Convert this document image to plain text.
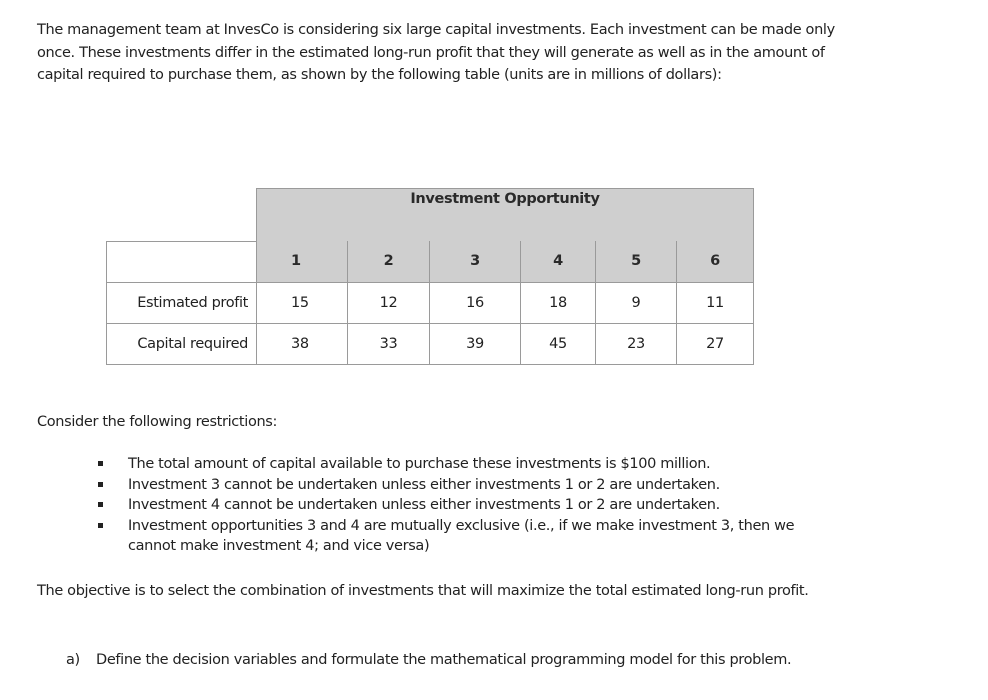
The management team at InvesCo is considering six large capital investments. Each investment can be made only once. These investments differ in the estimated long-run profit that they will generate as well as in the amount of capital required to purchase them, as shown by the following table (units are in millions of dollars):

	Investment Opportunity					
	1	2	3	4	5	6
Estimated profit	15	12	16	18	9	11
Capital required	38	33	39	45	23	27

Consider the following restrictions:

The total amount of capital available to purchase these investments is $100 million.
Investment 3 cannot be undertaken unless either investments 1 or 2 are undertaken.
Investment 4 cannot be undertaken unless either investments 1 or 2 are undertaken.
Investment opportunities 3 and 4 are mutually exclusive (i.e., if we make investment 3, then we cannot make investment 4; and vice versa)

The objective is to select the combination of investments that will maximize the total estimated long-run profit.

a) Define the decision variables and formulate the mathematical programming model for this problem.
